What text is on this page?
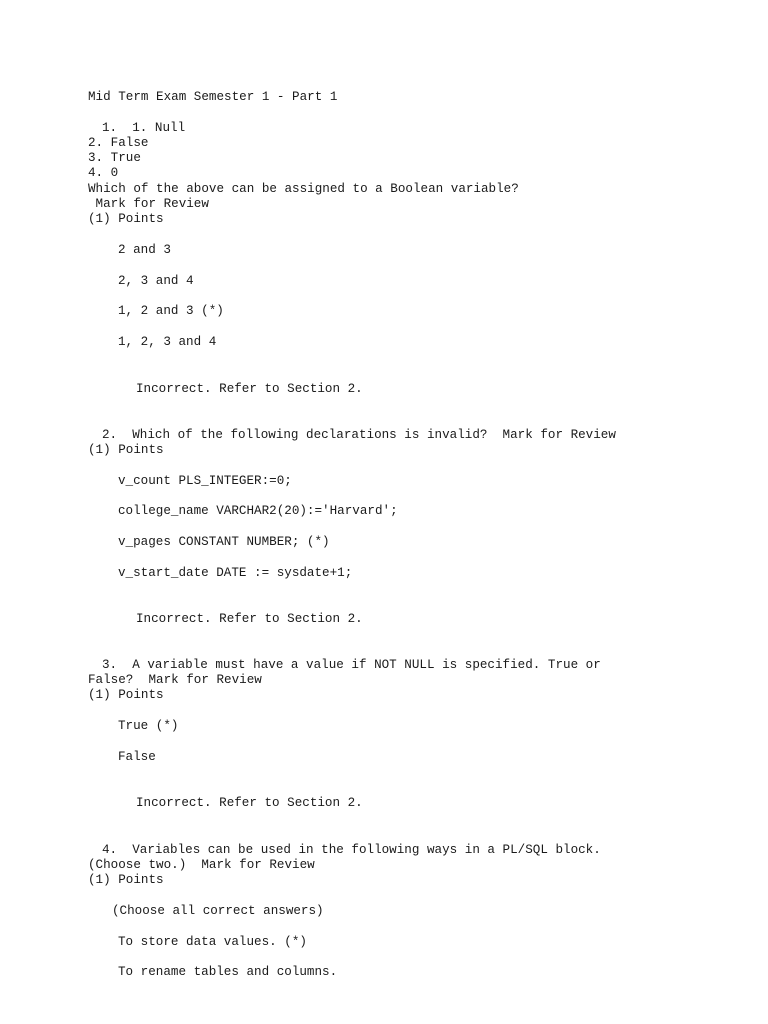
Mid Term Exam Semester 1 - Part 1
1.  1. Null
2. False
3. True
4. 0
Which of the above can be assigned to a Boolean variable?
Mark for Review
(1) Points
2 and 3
2, 3 and 4
1, 2 and 3 (*)
1, 2, 3 and 4
Incorrect. Refer to Section 2.
2.  Which of the following declarations is invalid?  Mark for Review
(1) Points
v_count PLS_INTEGER:=0;
college_name VARCHAR2(20):='Harvard';
v_pages CONSTANT NUMBER; (*)
v_start_date DATE := sysdate+1;
Incorrect. Refer to Section 2.
3.  A variable must have a value if NOT NULL is specified. True or
False?  Mark for Review
(1) Points
True (*)
False
Incorrect. Refer to Section 2.
4.  Variables can be used in the following ways in a PL/SQL block.
(Choose two.)  Mark for Review
(1) Points
(Choose all correct answers)
To store data values. (*)
To rename tables and columns.
